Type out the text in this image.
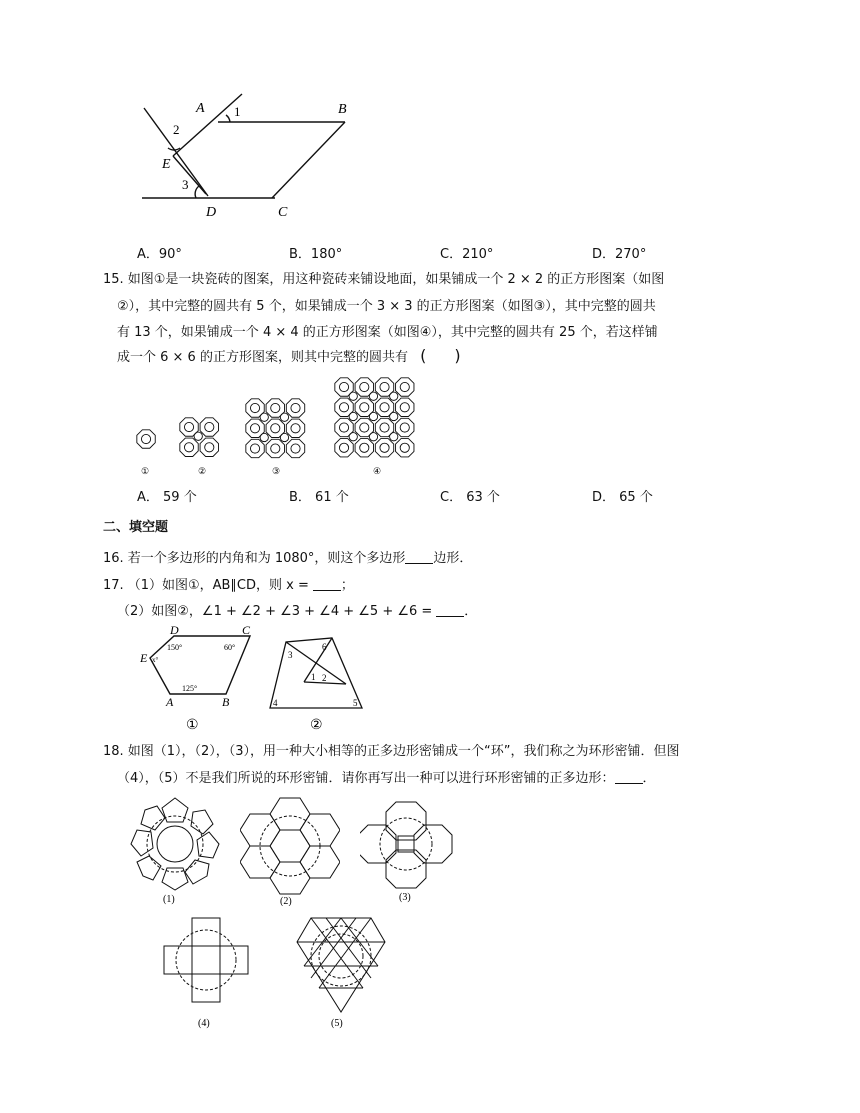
A 1	B
2
E
3
D	C
A．90°	B．180°	C．210°	D．270°
15. 如图①是一块瓷砖的图案，用这种瓷砖来铺设地面，如果铺成一个 2 × 2 的正方形图案（如图
②），其中完整的圆共有 5 个，如果铺成一个 3 × 3 的正方形图案（如图③），其中完整的圆共
有 13 个，如果铺成一个 4 × 4 的正方形图案（如图④），其中完整的圆共有 25 个，若这样铺
成一个 6 × 6 的正方形图案，则其中完整的圆共有 ( )
①	②	③	④
A． 59 个	B． 61 个	C． 63 个	D． 65 个
二、填空题
16. 若一个多边形的内角和为 1080°，则这个多边形 边形．
17. （1）如图①，AB∥CD，则 x = ；
（2）如图②，∠1 + ∠2 + ∠3 + ∠4 + ∠5 + ∠6 = ．
D	C
E
A	B
150°	60°
x°
125°
①
3
6
1 2
4	5
②
18. 如图（1），（2），（3），用一种大小相等的正多边形密铺成一个“环”，我们称之为环形密铺．但图
（4），（5）不是我们所说的环形密铺．请你再写出一种可以进行环形密铺的正多边形： ．
(1)	(2)	(3)
(4)	(5)
